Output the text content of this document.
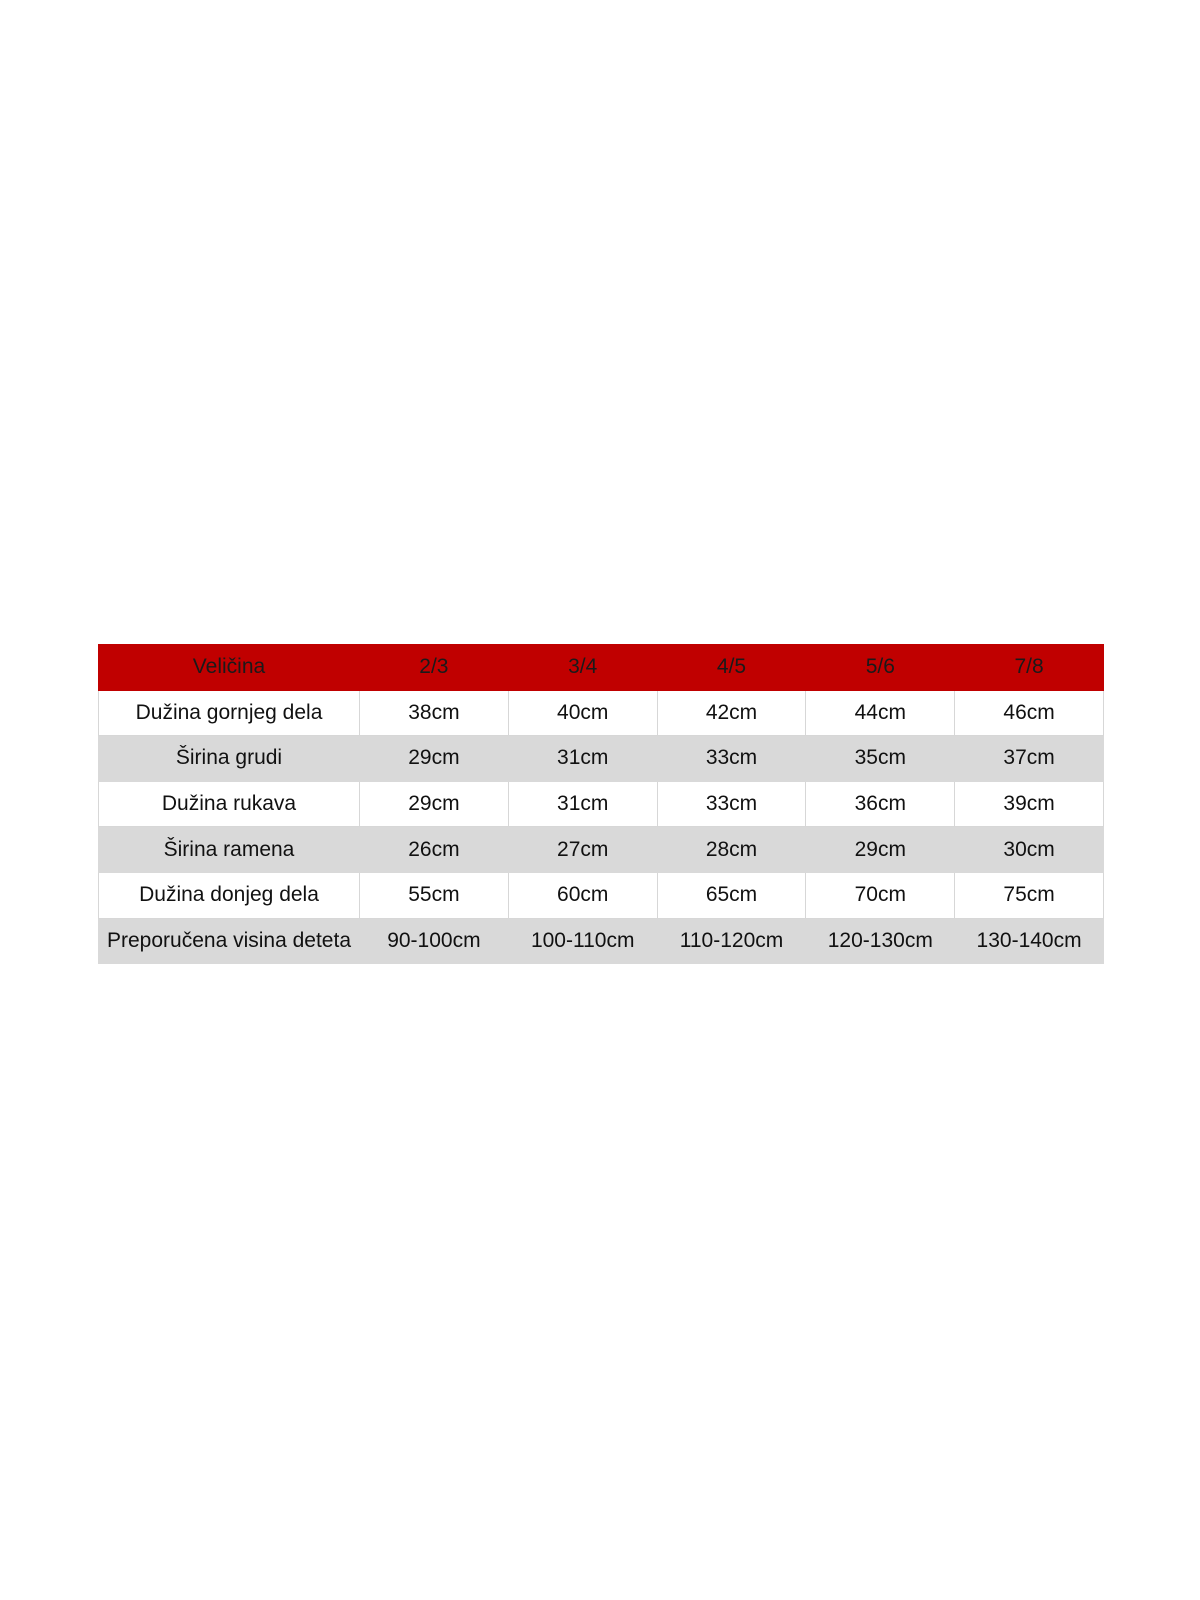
Veličina	2/3	3/4	4/5	5/6	7/8
Dužina gornjeg dela	38cm	40cm	42cm	44cm	46cm
Širina grudi	29cm	31cm	33cm	35cm	37cm
Dužina rukava	29cm	31cm	33cm	36cm	39cm
Širina ramena	26cm	27cm	28cm	29cm	30cm
Dužina donjeg dela	55cm	60cm	65cm	70cm	75cm
Preporučena visina deteta	90-100cm	100-110cm	110-120cm	120-130cm	130-140cm
